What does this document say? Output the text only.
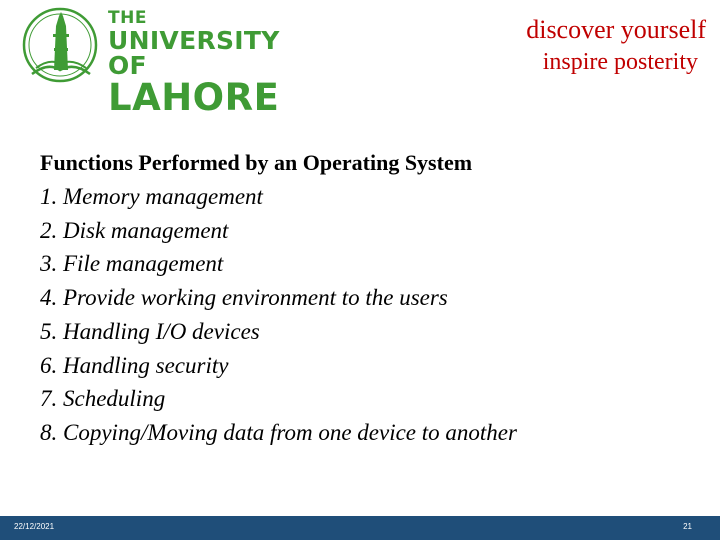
THE
UNIVERSITY OF
LAHORE
discover yourself
inspire posterity
Functions Performed by an Operating System
1. Memory management
2. Disk management
3. File management
4. Provide working environment to the users
5. Handling I/O devices
6. Handling security
7. Scheduling
8. Copying/Moving data from one device to another
22/12/2021	21
